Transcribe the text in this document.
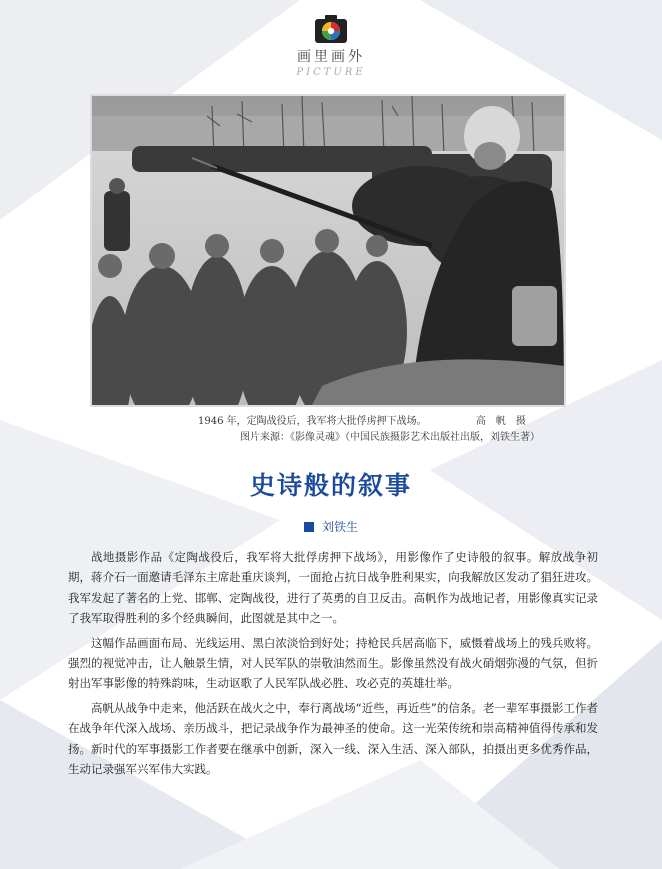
画里画外
PICTURE
1946 年，定陶战役后，我军将大批俘虏押下战场。	高　帆　摄
图片来源：《影像灵魂》（中国民族摄影艺术出版社出版，刘铁生著）
史诗般的叙事
刘铁生

战地摄影作品《定陶战役后，我军将大批俘虏押下战场》，用影像作了史诗般的叙事。解放战争初期，蒋介石一面邀请毛泽东主席赴重庆谈判，一面抢占抗日战争胜利果实，向我解放区发动了猖狂进攻。我军发起了著名的上党、邯郸、定陶战役，进行了英勇的自卫反击。高帆作为战地记者，用影像真实记录了我军取得胜利的多个经典瞬间，此图就是其中之一。

这幅作品画面布局、光线运用、黑白浓淡恰到好处；持枪民兵居高临下，威慑着战场上的残兵败将。强烈的视觉冲击，让人触景生情，对人民军队的崇敬油然而生。影像虽然没有战火硝烟弥漫的气氛，但折射出军事影像的特殊韵味，生动讴歌了人民军队战必胜、攻必克的英雄壮举。

高帆从战争中走来，他活跃在战火之中，奉行离战场“近些，再近些”的信条。老一辈军事摄影工作者在战争年代深入战场、亲历战斗，把记录战争作为最神圣的使命。这一光荣传统和崇高精神值得传承和发扬。新时代的军事摄影工作者要在继承中创新，深入一线、深入生活、深入部队，拍摄出更多优秀作品，生动记录强军兴军伟大实践。
